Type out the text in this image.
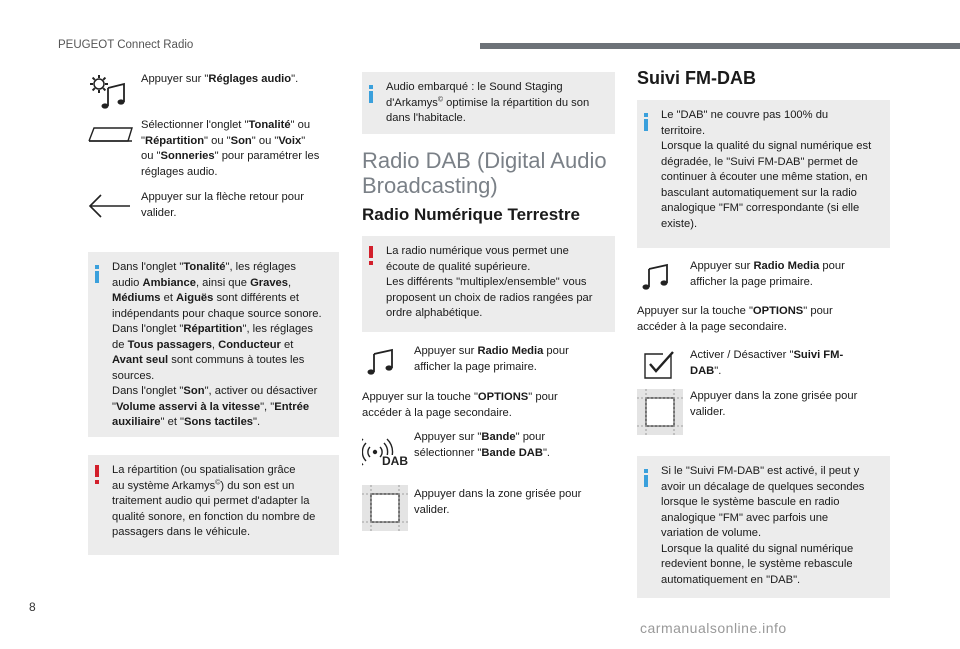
PEUGEOT Connect Radio
Appuyer sur "Réglages audio".
Sélectionner l'onglet "Tonalité" ou
"Répartition" ou "Son" ou "Voix"
ou "Sonneries" pour paramétrer les
réglages audio.
Appuyer sur la flèche retour pour
valider.
Dans l'onglet "Tonalité", les réglages
audio Ambiance, ainsi que Graves,
Médiums et Aiguës sont différents et
indépendants pour chaque source sonore.
Dans l'onglet "Répartition", les réglages
de Tous passagers, Conducteur et
Avant seul sont communs à toutes les
sources.
Dans l'onglet "Son", activer ou désactiver
"Volume asservi à la vitesse", "Entrée
auxiliaire" et "Sons tactiles".
La répartition (ou spatialisation grâce
au système Arkamys©) du son est un
traitement audio qui permet d'adapter la
qualité sonore, en fonction du nombre de
passagers dans le véhicule.
Audio embarqué : le Sound Staging
d'Arkamys© optimise la répartition du son
dans l'habitacle.
Radio DAB (Digital Audio
Broadcasting)
Radio Numérique Terrestre
La radio numérique vous permet une
écoute de qualité supérieure.
Les différents "multiplex/ensemble" vous
proposent un choix de radios rangées par
ordre alphabétique.
Appuyer sur Radio Media pour
afficher la page primaire.
Appuyer sur la touche "OPTIONS" pour
accéder à la page secondaire.
DAB
Appuyer sur "Bande" pour
sélectionner "Bande DAB".
Appuyer dans la zone grisée pour
valider.
Suivi FM-DAB
Le "DAB" ne couvre pas 100% du
territoire.
Lorsque la qualité du signal numérique est
dégradée, le "Suivi FM-DAB" permet de
continuer à écouter une même station, en
basculant automatiquement sur la radio
analogique "FM" correspondante (si elle
existe).
Appuyer sur Radio Media pour
afficher la page primaire.
Appuyer sur la touche "OPTIONS" pour
accéder à la page secondaire.
Activer / Désactiver "Suivi FM-
DAB".
Appuyer dans la zone grisée pour
valider.
Si le "Suivi FM-DAB" est activé, il peut y
avoir un décalage de quelques secondes
lorsque le système bascule en radio
analogique "FM" avec parfois une
variation de volume.
Lorsque la qualité du signal numérique
redevient bonne, le système rebascule
automatiquement en "DAB".
8
carmanualsonline.info
